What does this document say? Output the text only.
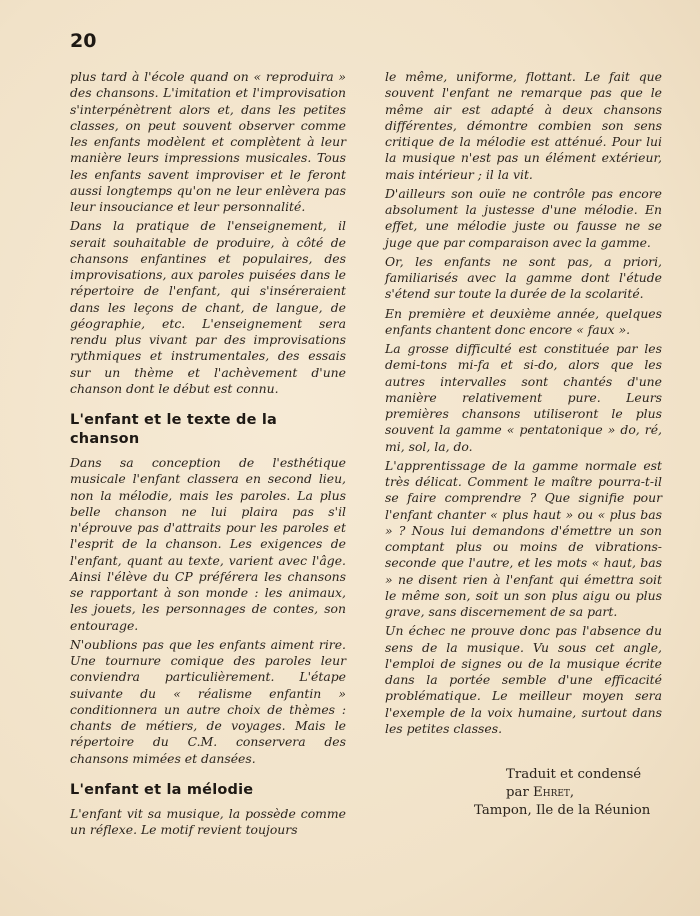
20

plus tard à l'école quand on « reproduira » des chansons. L'imitation et l'improvisation s'interpénètrent alors et, dans les petites classes, on peut souvent observer comme les enfants modèlent et complètent à leur manière leurs impressions musicales. Tous les enfants savent improviser et le feront aussi longtemps qu'on ne leur enlèvera pas leur insouciance et leur personnalité.

Dans la pratique de l'enseignement, il serait souhaitable de produire, à côté de chansons enfantines et populaires, des improvisations, aux paroles puisées dans le répertoire de l'enfant, qui s'inséreraient dans les leçons de chant, de langue, de géographie, etc. L'enseignement sera rendu plus vivant par des improvisations rythmiques et instrumentales, des essais sur un thème et l'achèvement d'une chanson dont le début est connu.

L'enfant et le texte de la chanson

Dans sa conception de l'esthétique musicale l'enfant classera en second lieu, non la mélodie, mais les paroles. La plus belle chanson ne lui plaira pas s'il n'éprouve pas d'attraits pour les paroles et l'esprit de la chanson. Les exigences de l'enfant, quant au texte, varient avec l'âge. Ainsi l'élève du CP préférera les chansons se rapportant à son monde : les animaux, les jouets, les personnages de contes, son entourage.

N'oublions pas que les enfants aiment rire. Une tournure comique des paroles leur conviendra particulièrement. L'étape suivante du « réalisme enfantin » conditionnera un autre choix de thèmes : chants de métiers, de voyages. Mais le répertoire du C.M. conservera des chansons mimées et dansées.

L'enfant et la mélodie

L'enfant vit sa musique, la possède comme un réflexe. Le motif revient toujours

le même, uniforme, flottant. Le fait que souvent l'enfant ne remarque pas que le même air est adapté à deux chansons différentes, démontre combien son sens critique de la mélodie est atténué. Pour lui la musique n'est pas un élément extérieur, mais intérieur ; il la vit.

D'ailleurs son ouïe ne contrôle pas encore absolument la justesse d'une mélodie. En effet, une mélodie juste ou fausse ne se juge que par comparaison avec la gamme.

Or, les enfants ne sont pas, a priori, familiarisés avec la gamme dont l'étude s'étend sur toute la durée de la scolarité.

En première et deuxième année, quelques enfants chantent donc encore « faux ».

La grosse difficulté est constituée par les demi-tons mi-fa et si-do, alors que les autres intervalles sont chantés d'une manière relativement pure. Leurs premières chansons utiliseront le plus souvent la gamme « pentatonique » do, ré, mi, sol, la, do.

L'apprentissage de la gamme normale est très délicat. Comment le maître pourra-t-il se faire comprendre ? Que signifie pour l'enfant chanter « plus haut » ou « plus bas » ? Nous lui demandons d'émettre un son comptant plus ou moins de vibrations-seconde que l'autre, et les mots « haut, bas » ne disent rien à l'enfant qui émettra soit le même son, soit un son plus aigu ou plus grave, sans discernement de sa part.

Un échec ne prouve donc pas l'absence du sens de la musique. Vu sous cet angle, l'emploi de signes ou de la musique écrite dans la portée semble d'une efficacité problématique. Le meilleur moyen sera l'exemple de la voix humaine, surtout dans les petites classes.

Traduit et condensé
par Ehret,
Tampon, Ile de la Réunion
